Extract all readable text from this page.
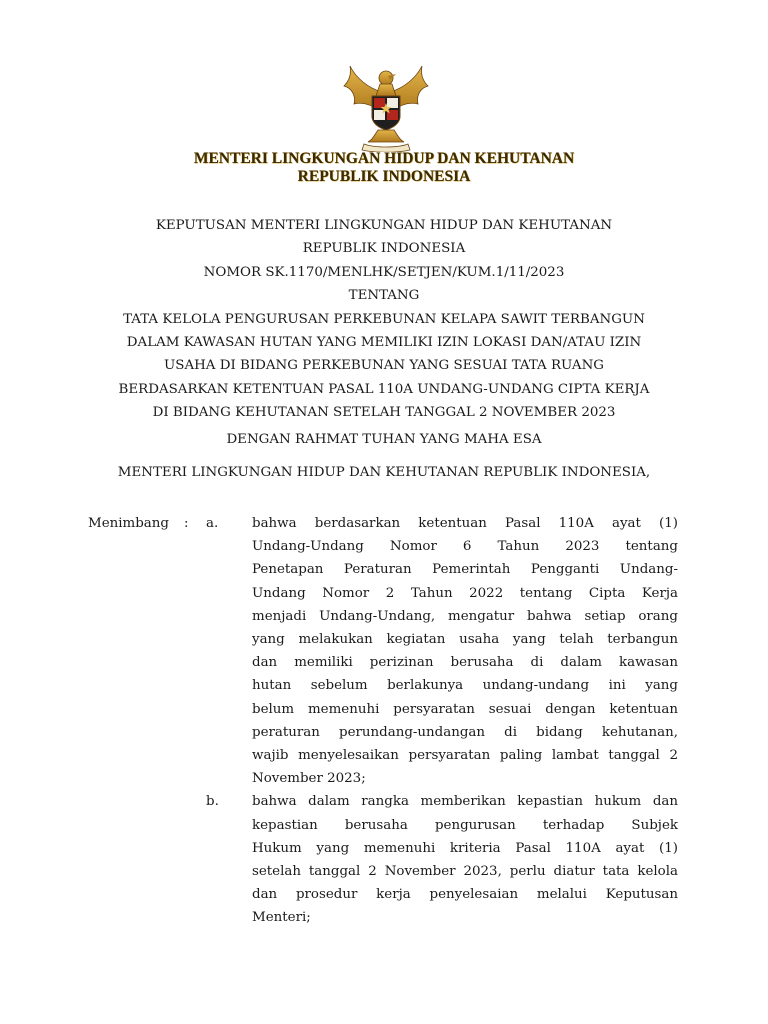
MENTERI LINGKUNGAN HIDUP DAN KEHUTANAN
REPUBLIK INDONESIA
KEPUTUSAN MENTERI LINGKUNGAN HIDUP DAN KEHUTANAN
REPUBLIK INDONESIA
NOMOR SK.1170/MENLHK/SETJEN/KUM.1/11/2023
TENTANG
TATA KELOLA PENGURUSAN PERKEBUNAN KELAPA SAWIT TERBANGUN
DALAM KAWASAN HUTAN YANG MEMILIKI IZIN LOKASI DAN/ATAU IZIN
USAHA DI BIDANG PERKEBUNAN YANG SESUAI TATA RUANG
BERDASARKAN KETENTUAN PASAL 110A UNDANG-UNDANG CIPTA KERJA
DI BIDANG KEHUTANAN SETELAH TANGGAL 2 NOVEMBER 2023
DENGAN RAHMAT TUHAN YANG MAHA ESA
MENTERI LINGKUNGAN HIDUP DAN KEHUTANAN REPUBLIK INDONESIA,
Menimbang	:	a.	bahwa berdasarkan ketentuan Pasal 110A ayat (1)
Undang-Undang Nomor 6 Tahun 2023 tentang
Penetapan Peraturan Pemerintah Pengganti Undang-
Undang Nomor 2 Tahun 2022 tentang Cipta Kerja
menjadi Undang-Undang, mengatur bahwa setiap orang
yang melakukan kegiatan usaha yang telah terbangun
dan memiliki perizinan berusaha di dalam kawasan
hutan sebelum berlakunya undang-undang ini yang
belum memenuhi persyaratan sesuai dengan ketentuan
peraturan perundang-undangan di bidang kehutanan,
wajib menyelesaikan persyaratan paling lambat tanggal 2
November 2023;
b.	bahwa dalam rangka memberikan kepastian hukum dan
kepastian berusaha pengurusan terhadap Subjek
Hukum yang memenuhi kriteria Pasal 110A ayat (1)
setelah tanggal 2 November 2023, perlu diatur tata kelola
dan prosedur kerja penyelesaian melalui Keputusan
Menteri;
